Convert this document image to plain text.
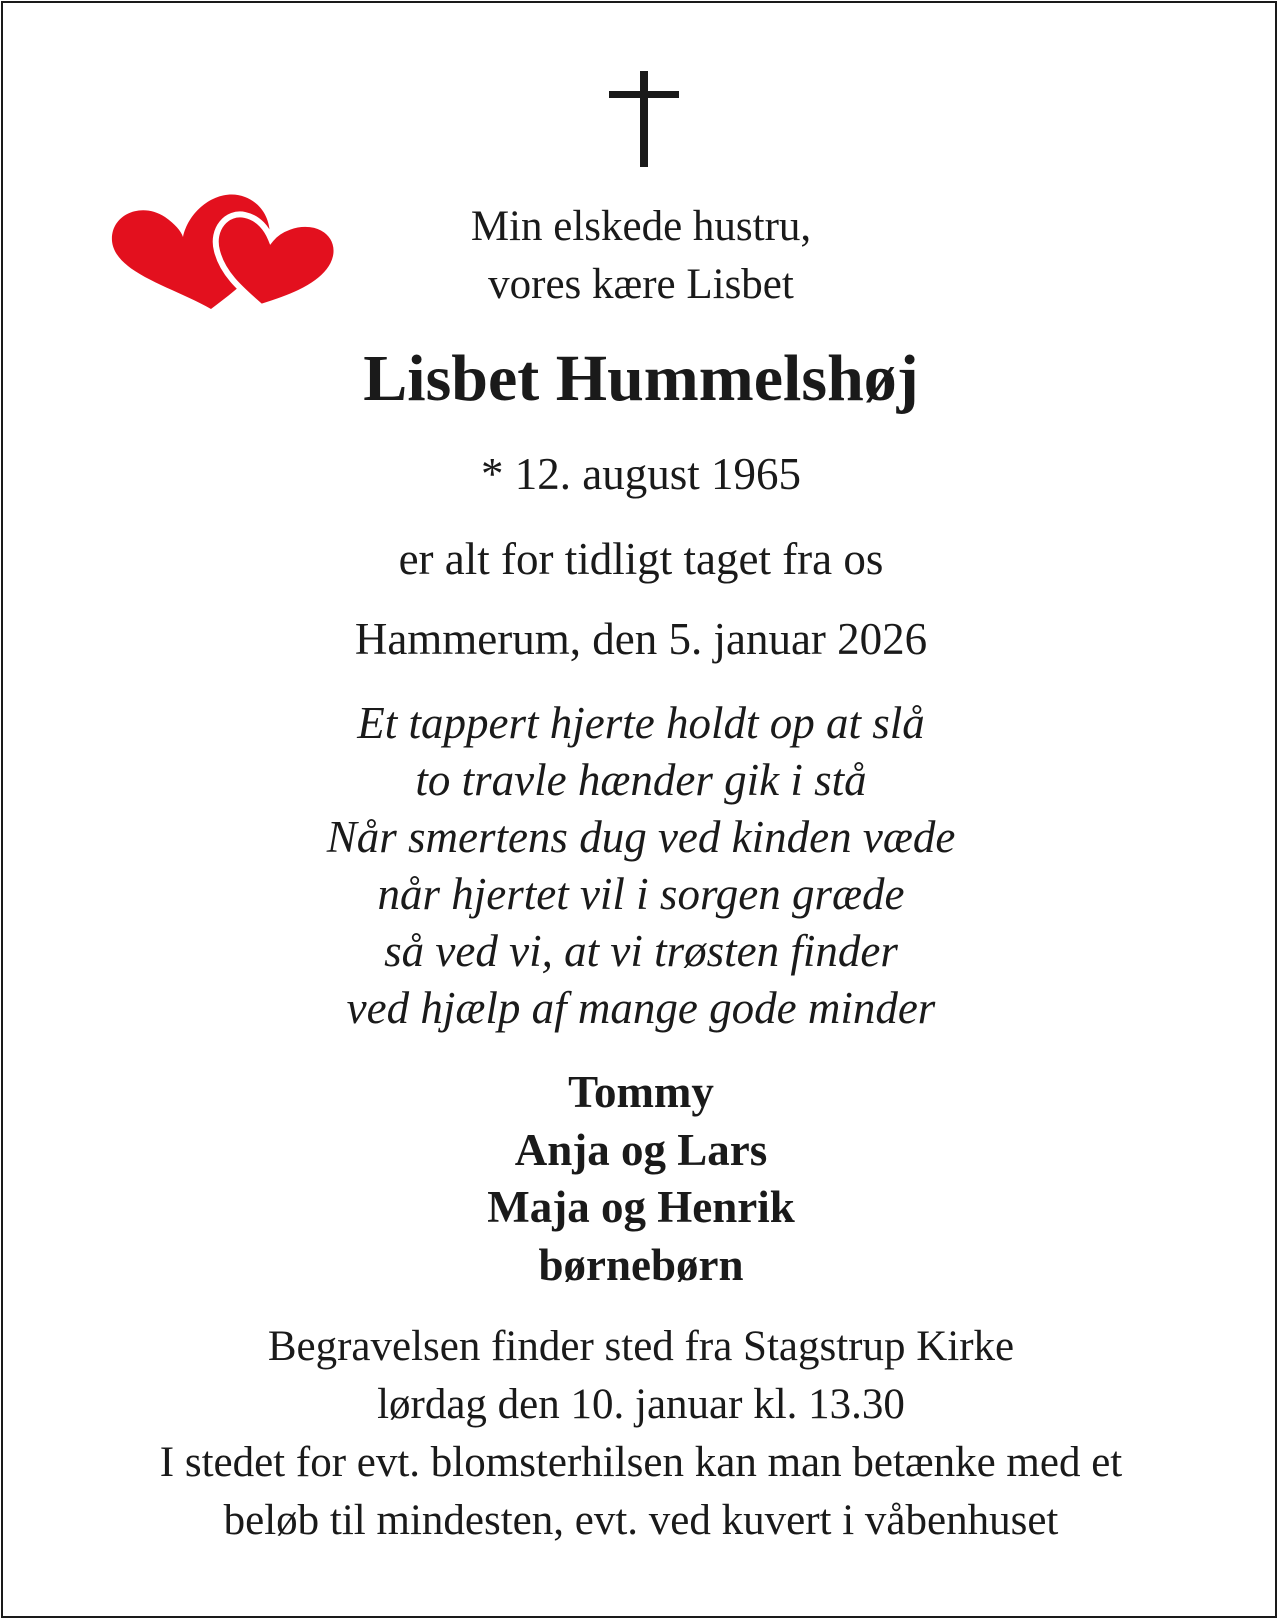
Min elskede hustru,
vores kære Lisbet
Lisbet Hummelshøj
* 12. august 1965
er alt for tidligt taget fra os
Hammerum, den 5. januar 2026
Et tappert hjerte holdt op at slå
to travle hænder gik i stå
Når smertens dug ved kinden væde
når hjertet vil i sorgen græde
så ved vi, at vi trøsten finder
ved hjælp af mange gode minder
Tommy
Anja og Lars
Maja og Henrik
børnebørn
Begravelsen finder sted fra Stagstrup Kirke
lørdag den 10. januar kl. 13.30
I stedet for evt. blomsterhilsen kan man betænke med et
beløb til mindesten, evt. ved kuvert i våbenhuset
